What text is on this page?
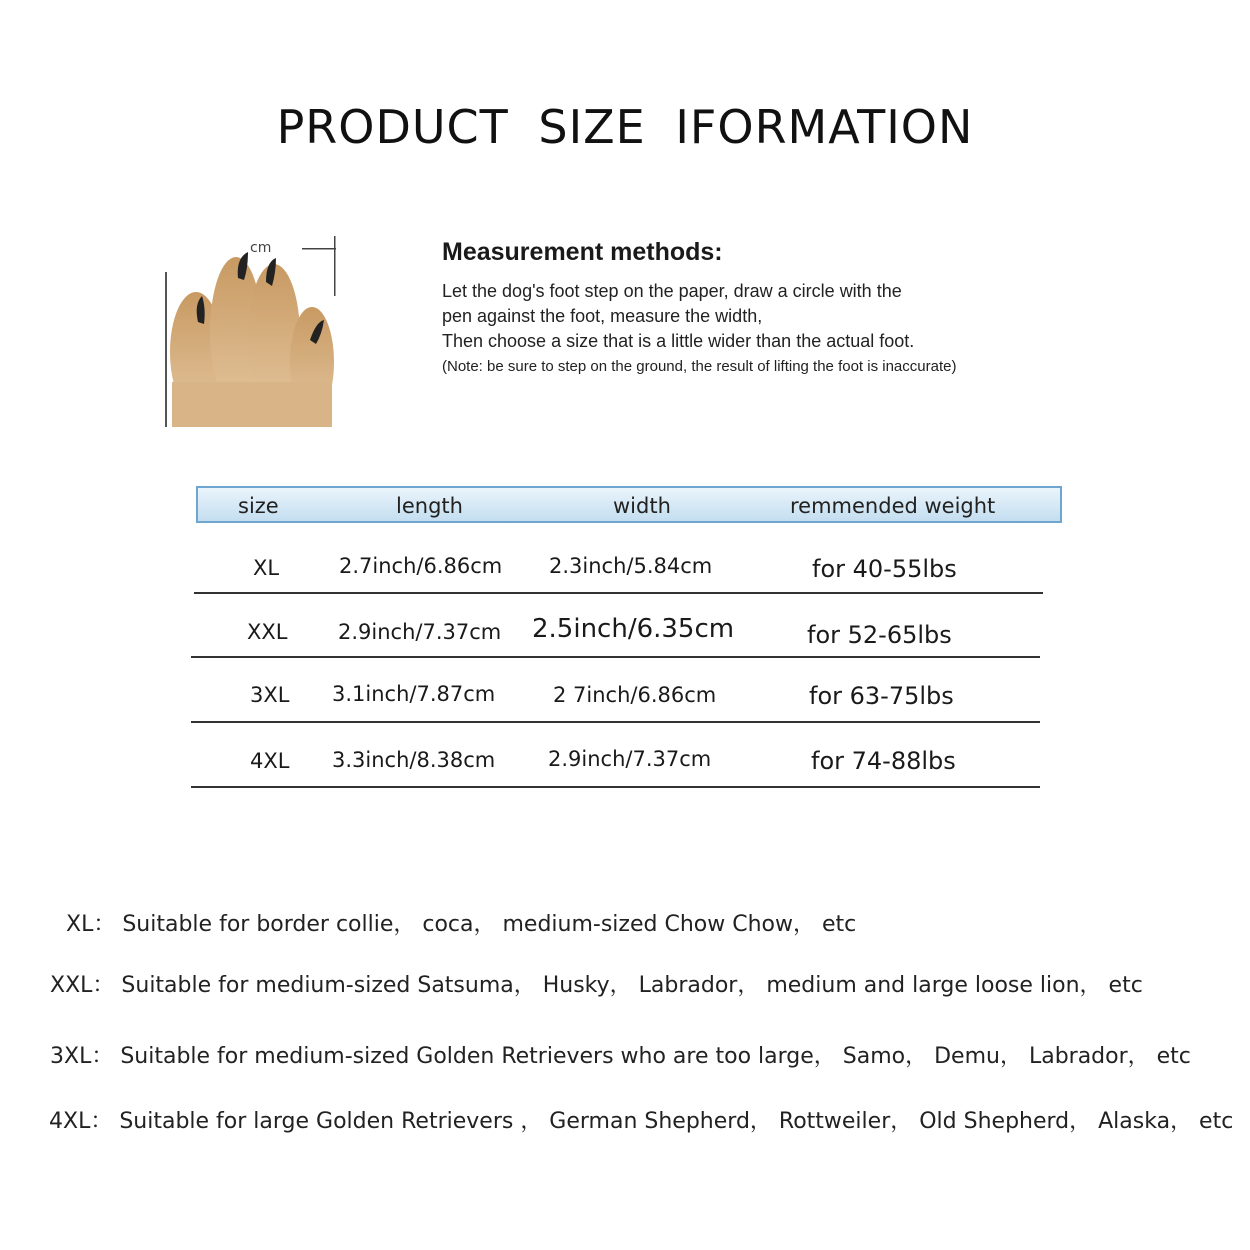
PRODUCT SIZE IFORMATION
cm	Measurement methods:
Let the dog's foot step on the paper, draw a circle with the
pen against the foot, measure the width,
Then choose a size that is a little wider than the actual foot.
(Note: be sure to step on the ground, the result of lifting the foot is inaccurate)
size	length	width	remmended weight
XL	2.7inch/6.86cm 2.3inch/5.84cm	for 40-55lbs
XXL 2.9inch/7.37cm 2.5inch/6.35cm	for 52-65lbs
3XL 3.1inch/7.87cm	2 7inch/6.86cm	for 63-75lbs
4XL 3.3inch/8.38cm	2.9inch/7.37cm	for 74-88lbs
XL： Suitable for border collie， coca， medium-sized Chow Chow， etc
XXL： Suitable for medium-sized Satsuma， Husky， Labrador， medium and large loose lion， etc
3XL： Suitable for medium-sized Golden Retrievers who are too large， Samo， Demu， Labrador， etc
4XL： Suitable for large Golden Retrievers ， German Shepherd， Rottweiler， Old Shepherd， Alaska， etc
